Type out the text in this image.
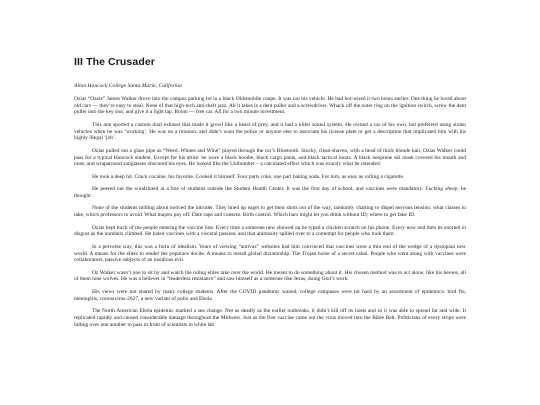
III The Crusader
Allan Hancock College Santa Maria, California

Ozias “Ozzie” James Walker drove into the campus parking lot in a black Oldsmobile coupe. It was not his vehicle. He had hot-wired it two hours earlier. One thing he loved about old cars — they’re easy to steal. None of that high-tech anti-theft jazz. All it takes is a dent puller and a screwdriver. Whack off the outer ring on the ignition switch, screw the dent puller into the key slot, and give it a light tap. Boom — free car. All for a two minute investment.

This one sported a custom dual exhaust that made it growl like a beast of prey, and it had a killer sound system. He owned a car of his own, but preferred using stolen vehicles when he was ‘working’. He was on a mission, and didn’t want the police or anyone else to associate his license plate or get a description that implicated him with his highly illegal ‘job’.

Ozias pulled out a glass pipe as “Weed, Whites and Wine” played through the car’s Bluetooth. Stocky, clean-shaven, with a head of thick blonde hair, Ozias Walker could pass for a typical Hancock student. Except for his attire: he wore a black hoodie, black cargo pants, and black tactical boots. A black neoprene ski mask covered his mouth and nose, and wraparound sunglasses obscured his eyes. He looked like the Unibomber – a calculated effect which was exactly what he intended.

He took a deep hit. Crack cocaine, his favorite. Cooked it himself. Four parts coke, one part baking soda. For him, as easy as rolling a cigarette.

He peered out the windshield at a line of students outside the Student Health Center. It was the first day of school, and vaccines were mandatory. Fucking sheep, he thought.

None of the students milling about noticed the intruder. They lined up eager to get their shots out of the way, randomly chatting to dispel nervous tension: what classes to take, which professors to avoid. What majors pay off. Date rape and consent. Birth control. Which bars might let you drink without ID; where to get fake ID.

Ozias kept track of the people entering the vaccine line. Every time a someone new showed up he typed a chicken scratch on his phone. Every now and then he snorted in disgust as the numbers climbed. He hated vaccines with a visceral passion, and that animosity spilled over to a contempt for people who took them.

In a perverse way, this was a form of idealism. Years of viewing “antivax” websites had him convinced that vaccines were a thin end of the wedge of a dystopian new world. A means for the elites to render the populace docile. A means to install global dictatorship. The Trojan horse of a secret cabal. People who went along with vaccines were collaborators, passive subjects of an insidious evil.

Oz Walker wasn’t one to sit by and watch the ruling elites take over the world. He meant to do something about it. His chosen method was to act alone, like his heroes, all of them lone wolves. He was a believer in “leaderless resistance” and saw himself as a someone like Jesus, doing God’s work.

His views were not shared by many college students. After the COVID pandemic waned, college campuses were hit hard by an assortment of epidemics: bird flu, meningitis, coronavirus-2027, a new variant of polio and Ebola.

The North American Ebola epidemic marked a sea change. Not as deadly as the earlier outbreaks, it didn’t kill off its hosts and so it was able to spread far and wide. It replicated rapidly and caused considerable damage throughout the Midwest. Just as the first vaccine came out the virus moved into the Bible Belt. Politicians of every stripe were falling over one another to pass in front of scientists in white lab
